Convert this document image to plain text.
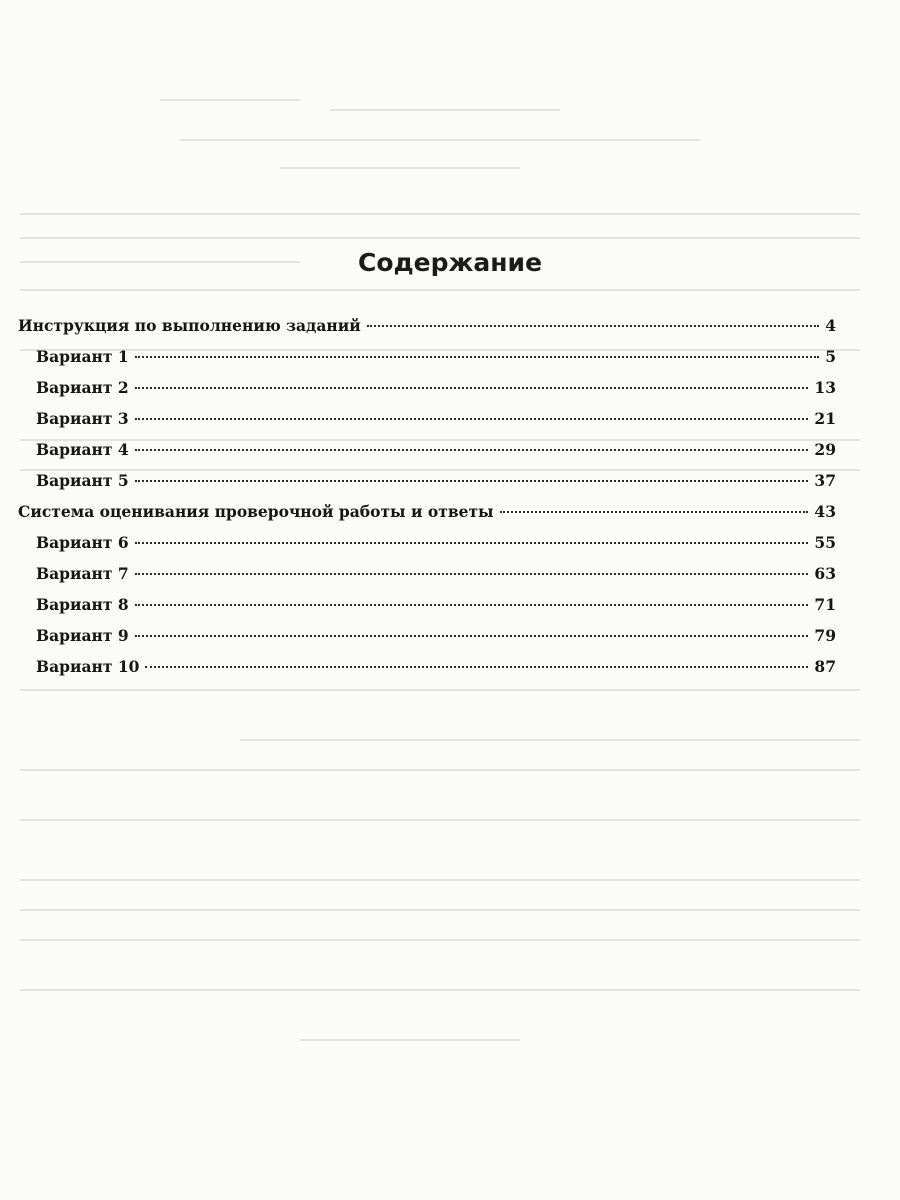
Содержание
Инструкция по выполнению заданий	4
Вариант 1	5
Вариант 2	13
Вариант 3	21
Вариант 4	29
Вариант 5	37
Система оценивания проверочной работы и ответы	43
Вариант 6	55
Вариант 7	63
Вариант 8	71
Вариант 9	79
Вариант 10	87
